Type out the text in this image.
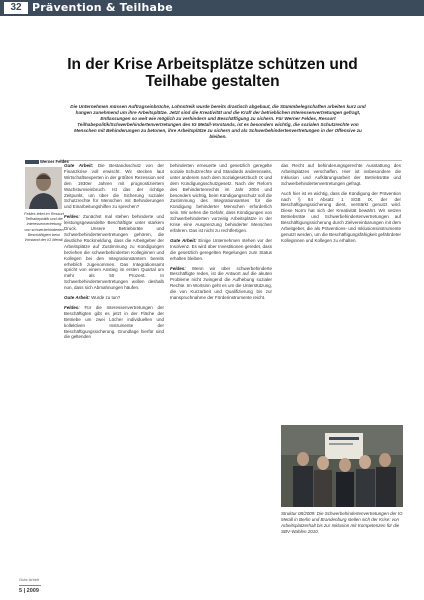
32 Prävention & Teilhabe
In der Krise Arbeitsplätze schützen und Teilhabe gestalten
Die Unternehmen müssen Auftragseinbrüche, Lohnstreik wurde bereits drastisch abgebaut, die Stammbelegschaften arbeiten kurz und hangen zunehmend um ihre Arbeitsplätze. Jetzt sind die Kreativität und die Kraft der betrieblichen Interessenvertretungen gefragt, Entlassungen so weit wie möglich zu verhindern und Beschäftigung zu sichern. Für Werner Feldes, Ressort Teilhabepolitik/Schwerbehindertenvertretungen des IG Metall-Vorstands, ist es besonders wichtig, die sozialen Schutzrechte von Menschen mit Behinderungen zu betonen, ihre Arbeitsplätze zu sichern und als Schwerbehindertenvertretungen in der Offensive zu bleiben.
Werner Feldes
Feldes leitet im Ressort Teilhabepolitik und die Interessenvertretung von schwerbehinderten Beschäftigten beim Vorstand der IG Metall.

Gute Arbeit: Die Bestandsschutz von der Finanzkrise voll erwischt. Wir stecken laut Wirtschaftsexperten in der größten Rezession seit den 1930er Jahren mit prognostiziertem Wachstumseinbruch. Ist das der richtige Zeitpunkt, um über die Sicherung sozialer Schutzrechte für Menschen mit Behinderungen und Einarbeitungshilfen zu sprechen?

Feldes: Zunächst mal stehen behinderte und leistungsgewandelte Beschäftigte unter starkem Druck. Unsere Betriebsräte und Schwerbehindertenvertretungen gehören, die deutliche Rückmeldung, dass die Arbeitgeber der Arbeitsplätze auf Zustimmung zu Kündigungen beziehen die schwerbehinderten Kolleginnen und Kollegen bei den Integrationsämtern bereits erheblich zugenommen. Das Integrationsamt spricht von einem Anstieg im ersten Quartal um mehr als 50 Prozent. In Schwerbehindertenvertretungen wollen deshalb nun, dass sich Abmahnungen häufen.

Gute Arbeit: Wurde zu tun?

Feldes: Für die Interessenvertretungen der Beschäftigten gibt es jetzt in der Fläche der Betriebe um zwei Löcher individuellen und kollektiven Instrumente der Beschäftigungssicherung. Grundlage hierfür sind die geltenden

behinderten erneuerte und gesetzlich geregelte soziale Schutzrechte und Standards anderenseits, unter anderem nach dem Sozialgesetzbuch IX und dem Kündigungsschutzgesetz. Nach der Reform des Behindertenrechts im Jahr 2004 und besonders wichtig, beim Kündigungsschutz soll die Zustimmung des Integrationsamtes für die Kündigung behinderter Menschen erforderlich sein. Wir sehen die Gefahr, dass Kündigungen von Schwerbehinderten vorzeitig Arbeitsplätze in der Krise eine Ausgrenzung behinderter Menschen erfahren. Das ist nicht zu rechtfertigen.

Gute Arbeit: Einige Unternehmen stehen vor der Insolvenz. Es wird über Investitionen geredet, dass die gesetzlich geregelten Regelungen zum Status erhalten bleiben.

Feldes: Wenn wir über schwerbehinderte Beschäftigte reden, ist die Antwort auf die akuten Probleme nicht zwingend die Aufhebung sozialer Rechte. Im Wortsinn geht es um die Unterstützung, die von Kurzarbeit und Qualifizierung bis zur Inanspruchnahme der Förderinstrumente reicht.

das Recht auf behinderungsgerechte Ausstattung des Arbeitsplatzes verschaffen. Hier ist insbesondere die Inklusion und Aufklärungsarbeit der Betriebsräte und Schwerbehindertenvertretungen gefragt.

Auch hier ist es wichtig, dass die Kündigung der Prävention nach § 84 Absatz 1 SGB IX, der der Beschäftigungssicherung dient, verstärkt genutzt wird. Diese Norm hat sich der Kreativität bewährt. Wir setzen Betriebsräte und Schwerbehindertenvertretungen auf Beschäftigungssicherung durch Zielvereinbarungen mit dem Arbeitgeber, die als Präventions- und Inklusionsinstrumente genutzt werden, um die Beschäftigungsfähigkeit gefährdeter Kolleginnen und Kollegen zu erhalten.

Struktur 08/2009: Die Schwerbehindertenvertretungen der IG Metall in Berlin und Brandenburg stellen sich der Krise: von Arbeitsplatzerhalt bis zur Inklusion mit Kompetenzen für die SBV-Wahlen 2010.
Gute Arbeit
5 | 2009
